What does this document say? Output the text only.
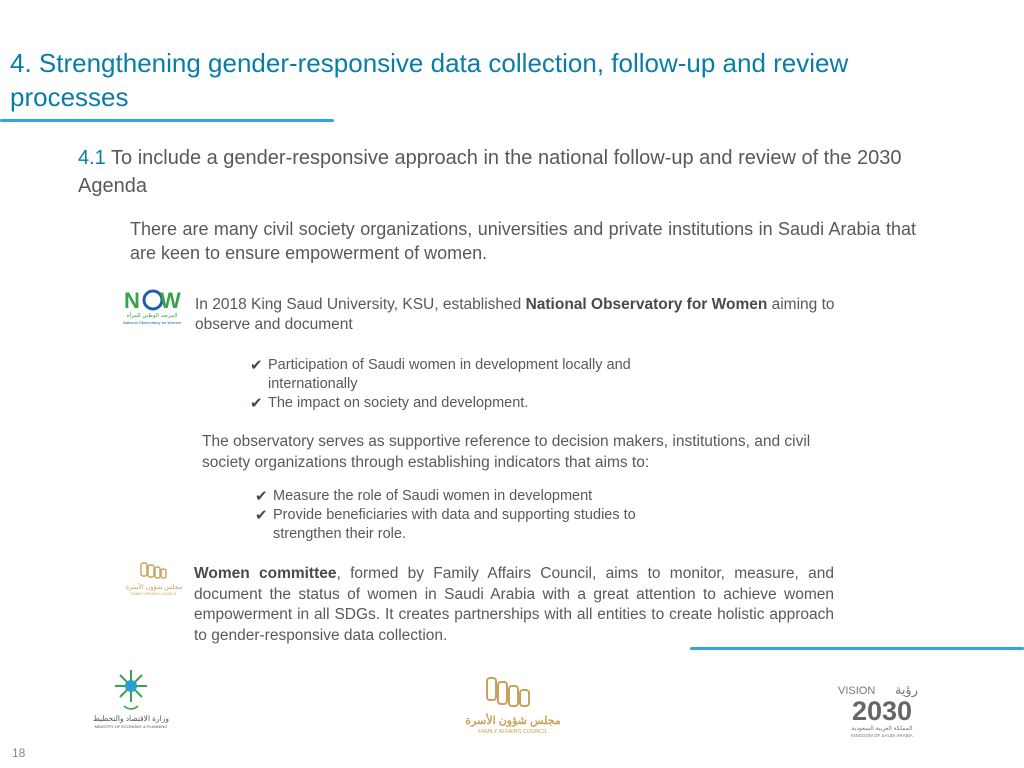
4. Strengthening gender-responsive data collection, follow-up and review processes
4.1 To include a gender-responsive approach in the national follow-up and review of the 2030 Agenda
There are many civil society organizations, universities and private institutions in Saudi Arabia that are keen to ensure empowerment of women.
N W
المرصد الوطني للمرأة
National Observatory for Women
In 2018 King Saud University, KSU, established National Observatory for Women aiming to observe and document
✔ Participation of Saudi women in development locally and internationally
✔ The impact on society and development.
The observatory serves as supportive reference to decision makers, institutions, and civil society organizations through establishing indicators that aims to:
✔ Measure the role of Saudi women in development
✔ Provide beneficiaries with data and supporting studies to strengthen their role.
مجلس شؤون الأسرة
FAMILY AFFAIRS COUNCIL
Women committee, formed by Family Affairs Council, aims to monitor, measure, and document the status of women in Saudi Arabia with a great attention to achieve women empowerment in all SDGs. It creates partnerships with all entities to create holistic approach to gender-responsive data collection.
وزارة الاقتصاد والتخطيط
MINISTRY OF ECONOMY & PLANNING	مجلس شؤون الأسرة
FAMILY AFFAIRS COUNCIL
VISION رؤية
2030
المملكة العربية السعودية
KINGDOM OF SAUDI ARABIA
18
